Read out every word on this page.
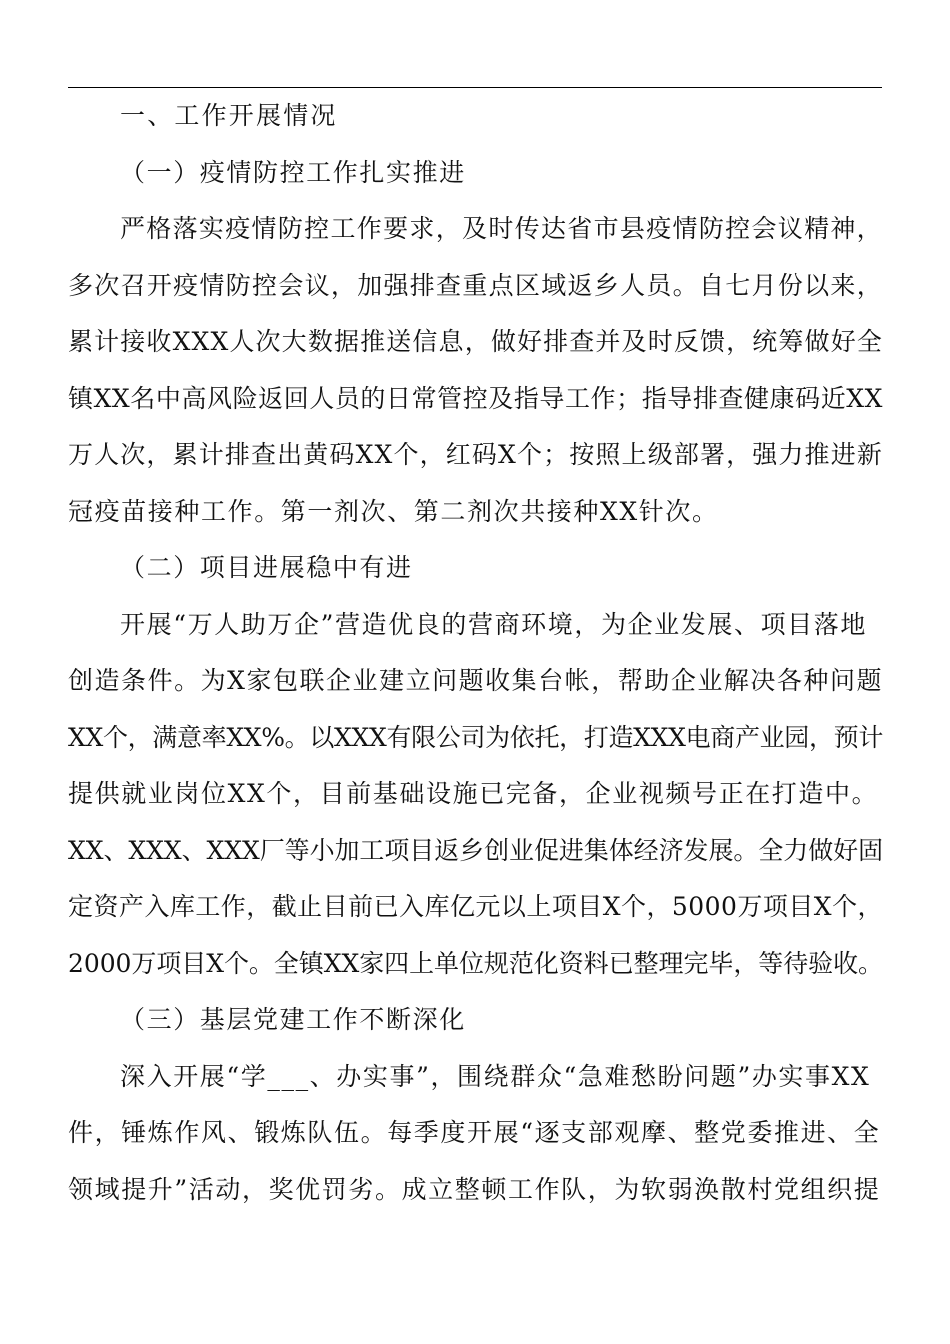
一、工作开展情况
（一）疫情防控工作扎实推进
严格落实疫情防控工作要求，及时传达省市县疫情防控会议精神，
多次召开疫情防控会议，加强排查重点区域返乡人员。自七月份以来，
累计接收XXX人次大数据推送信息，做好排查并及时反馈，统筹做好全
镇XX名中高风险返回人员的日常管控及指导工作；指导排查健康码近XX
万人次，累计排查出黄码XX个，红码X个；按照上级部署，强力推进新
冠疫苗接种工作。第一剂次、第二剂次共接种XX针次。
（二）项目进展稳中有进
开展“万人助万企”营造优良的营商环境，为企业发展、项目落地
创造条件。为X家包联企业建立问题收集台帐，帮助企业解决各种问题
XX个，满意率XX%。以XXX有限公司为依托，打造XXX电商产业园，预计
提供就业岗位XX个，目前基础设施已完备，企业视频号正在打造中。
XX、XXX、XXX厂等小加工项目返乡创业促进集体经济发展。全力做好固
定资产入库工作，截止目前已入库亿元以上项目X个，5000万项目X个，
2000万项目X个。全镇XX家四上单位规范化资料已整理完毕，等待验收。
（三）基层党建工作不断深化
深入开展“学___、办实事”，围绕群众“急难愁盼问题”办实事XX
件，锤炼作风、锻炼队伍。每季度开展“逐支部观摩、整党委推进、全
领域提升”活动，奖优罚劣。成立整顿工作队，为软弱涣散村党组织提
